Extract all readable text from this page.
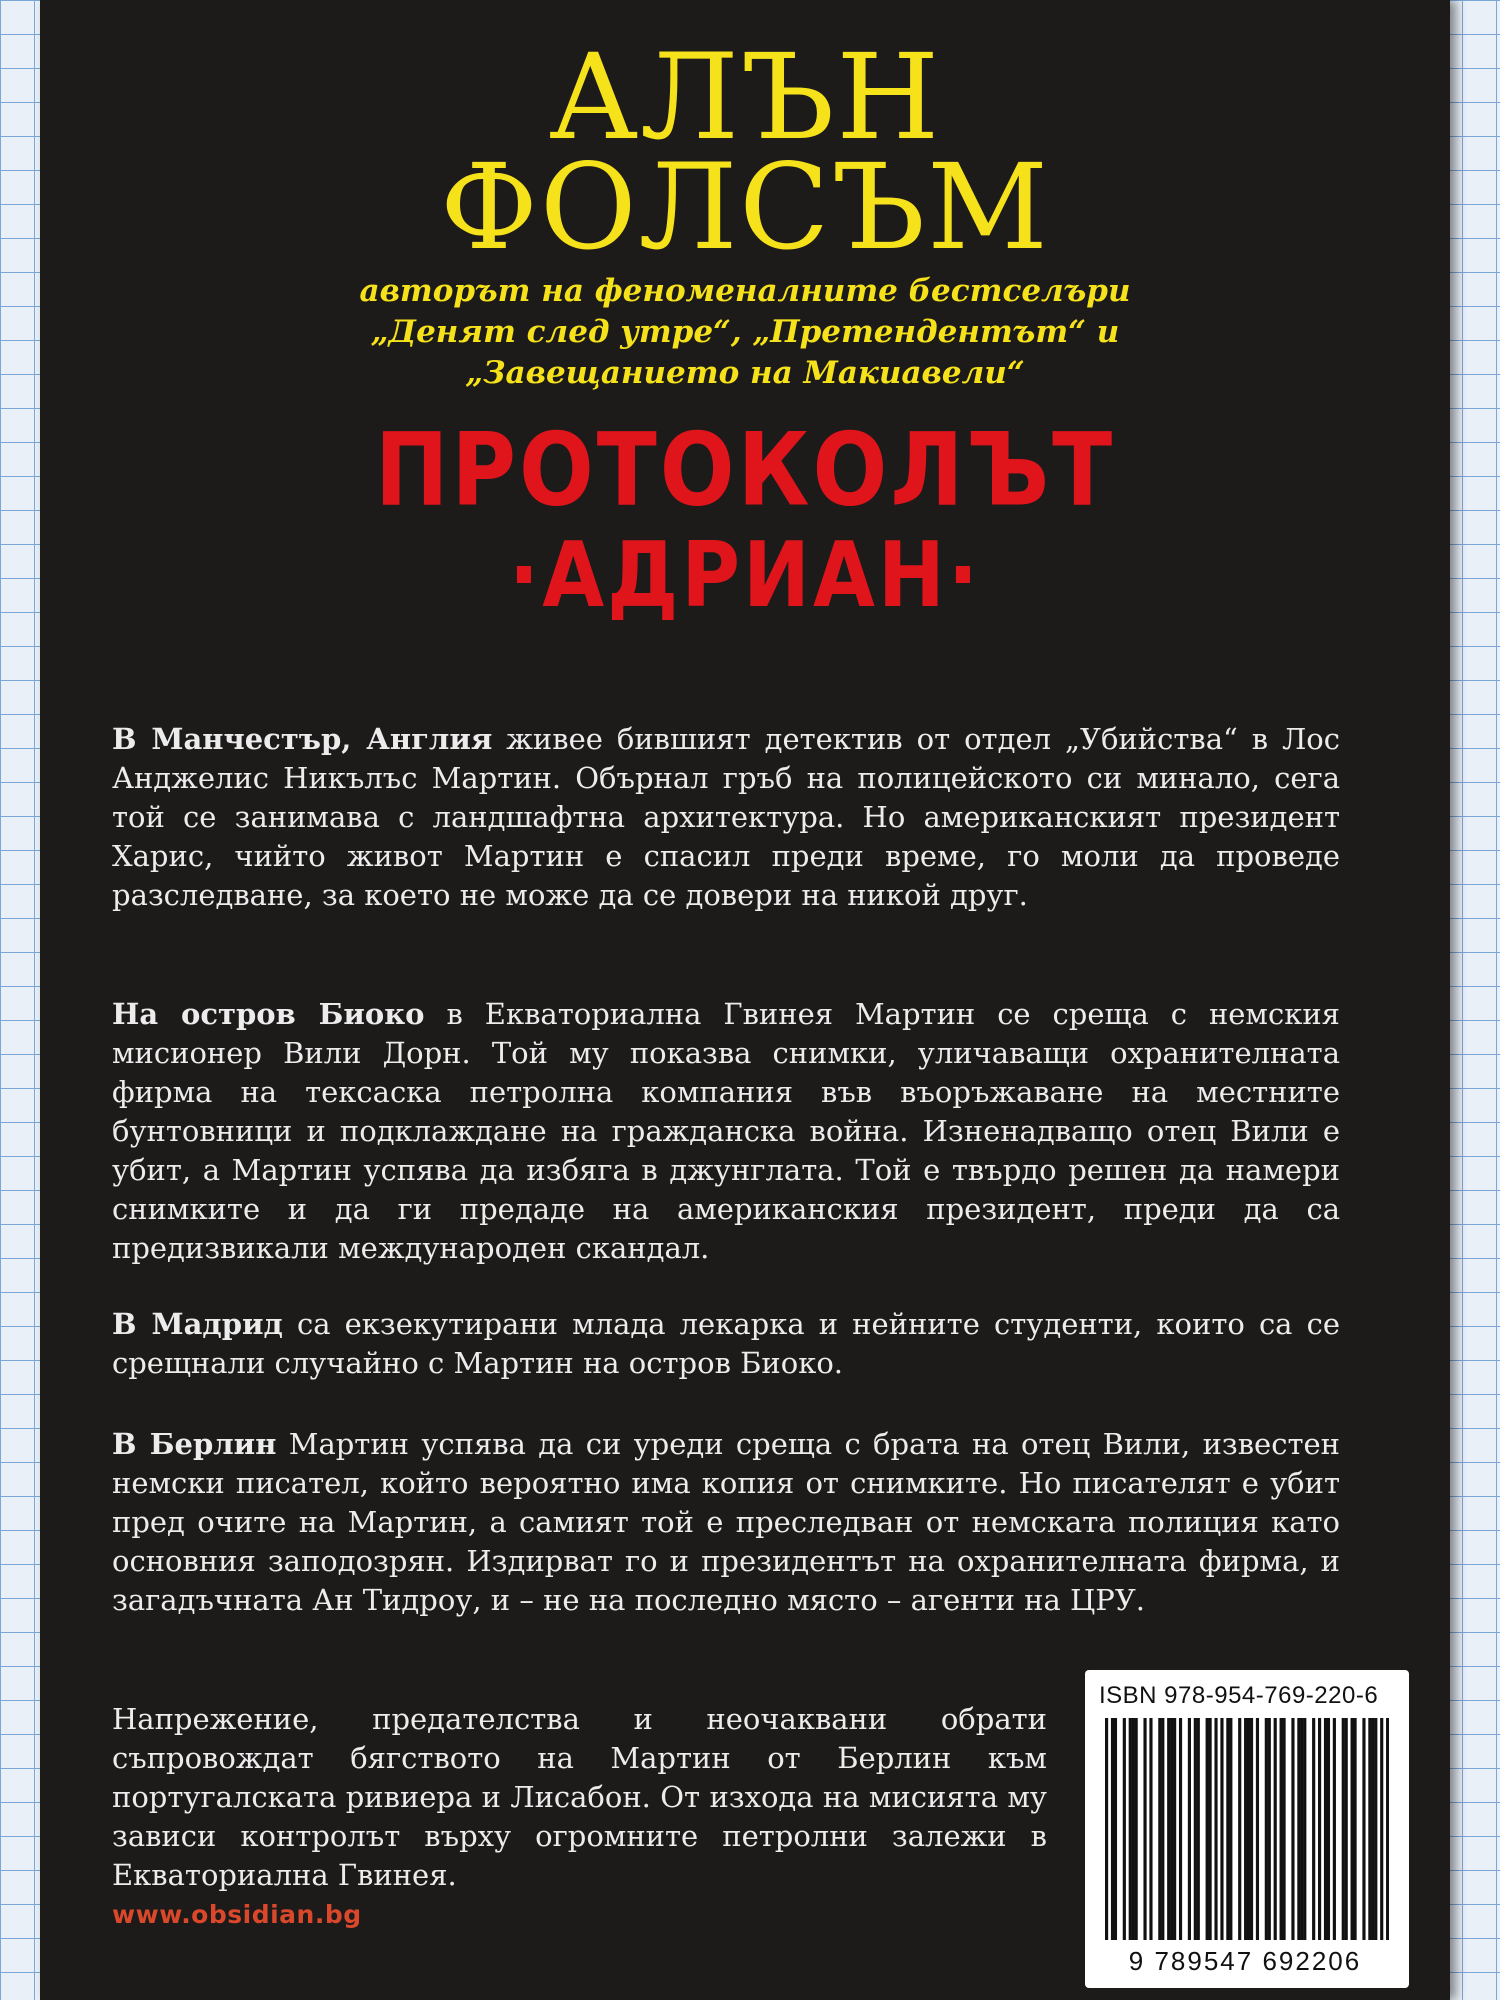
АЛЪН
ФОЛСЪМ
авторът на феноменалните бестселъри
„Денят след утре“, „Претендентът“ и
„Завещанието на Макиавели“
ПРОТОКОЛЪТ
·АДРИАН·

В Манчестър, Англия живее бившият детектив от отдел „Убийства“ в Лос Анджелис Никълъс Мартин. Обърнал гръб на полицейското си минало, сега той се занимава с ландшафтна архитектура. Но американският президент Харис, чийто живот Мартин е спасил преди време, го моли да проведе разследване, за което не може да се довери на никой друг.

На остров Биоко в Екваториална Гвинея Мартин се среща с немския мисионер Вили Дорн. Той му показва снимки, уличаващи охранителната фирма на тексаска петролна компания във въоръжаване на местните бунтовници и подклаждане на гражданска война. Изненадващо отец Вили е убит, а Мартин успява да избяга в джунглата. Той е твърдо решен да намери снимките и да ги предаде на американския президент, преди да са предизвикали международен скандал.

В Мадрид са екзекутирани млада лекарка и нейните студенти, които са се срещнали случайно с Мартин на остров Биоко.

В Берлин Мартин успява да си уреди среща с брата на отец Вили, известен немски писател, който вероятно има копия от снимките. Но писателят е убит пред очите на Мартин, а самият той е преследван от немската полиция като основния заподозрян. Издирват го и президентът на охранителната фирма, и загадъчната Ан Тидроу, и – не на последно място – агенти на ЦРУ.

Напрежение, предателства и неочаквани обрати съпровождат бягството на Мартин от Берлин към португалската ривиера и Лисабон. От изхода на мисията му зависи контролът върху огромните петролни залежи в Екваториална Гвинея.

www.obsidian.bg
ISBN 978-954-769-220-6
9 789547 692206
